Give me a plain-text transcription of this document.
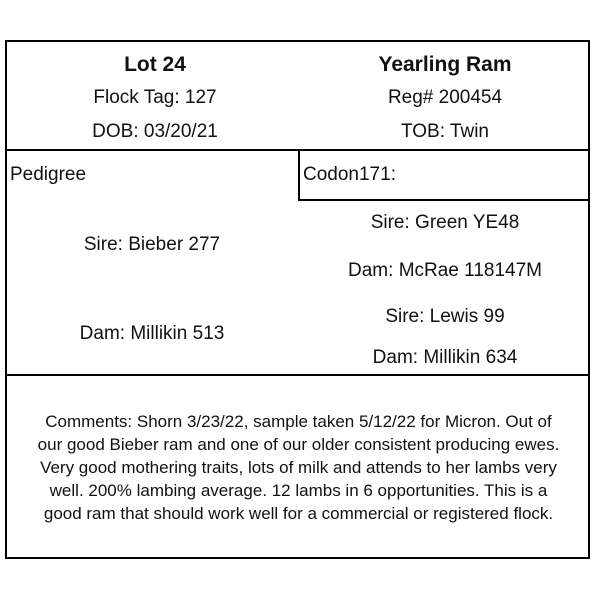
Lot 24	Yearling Ram
Flock Tag: 127	Reg# 200454
DOB: 03/20/21	TOB: Twin
Pedigree	Codon171:
Sire: Bieber 277
Dam: Millikin 513
Sire: Green YE48
Dam: McRae 118147M
Sire: Lewis 99
Dam: Millikin 634
Comments: Shorn 3/23/22, sample taken 5/12/22 for Micron. Out of
our good Bieber ram and one of our older consistent producing ewes.
Very good mothering traits, lots of milk and attends to her lambs very
well. 200% lambing average. 12 lambs in 6 opportunities. This is a
good ram that should work well for a commercial or registered flock.
